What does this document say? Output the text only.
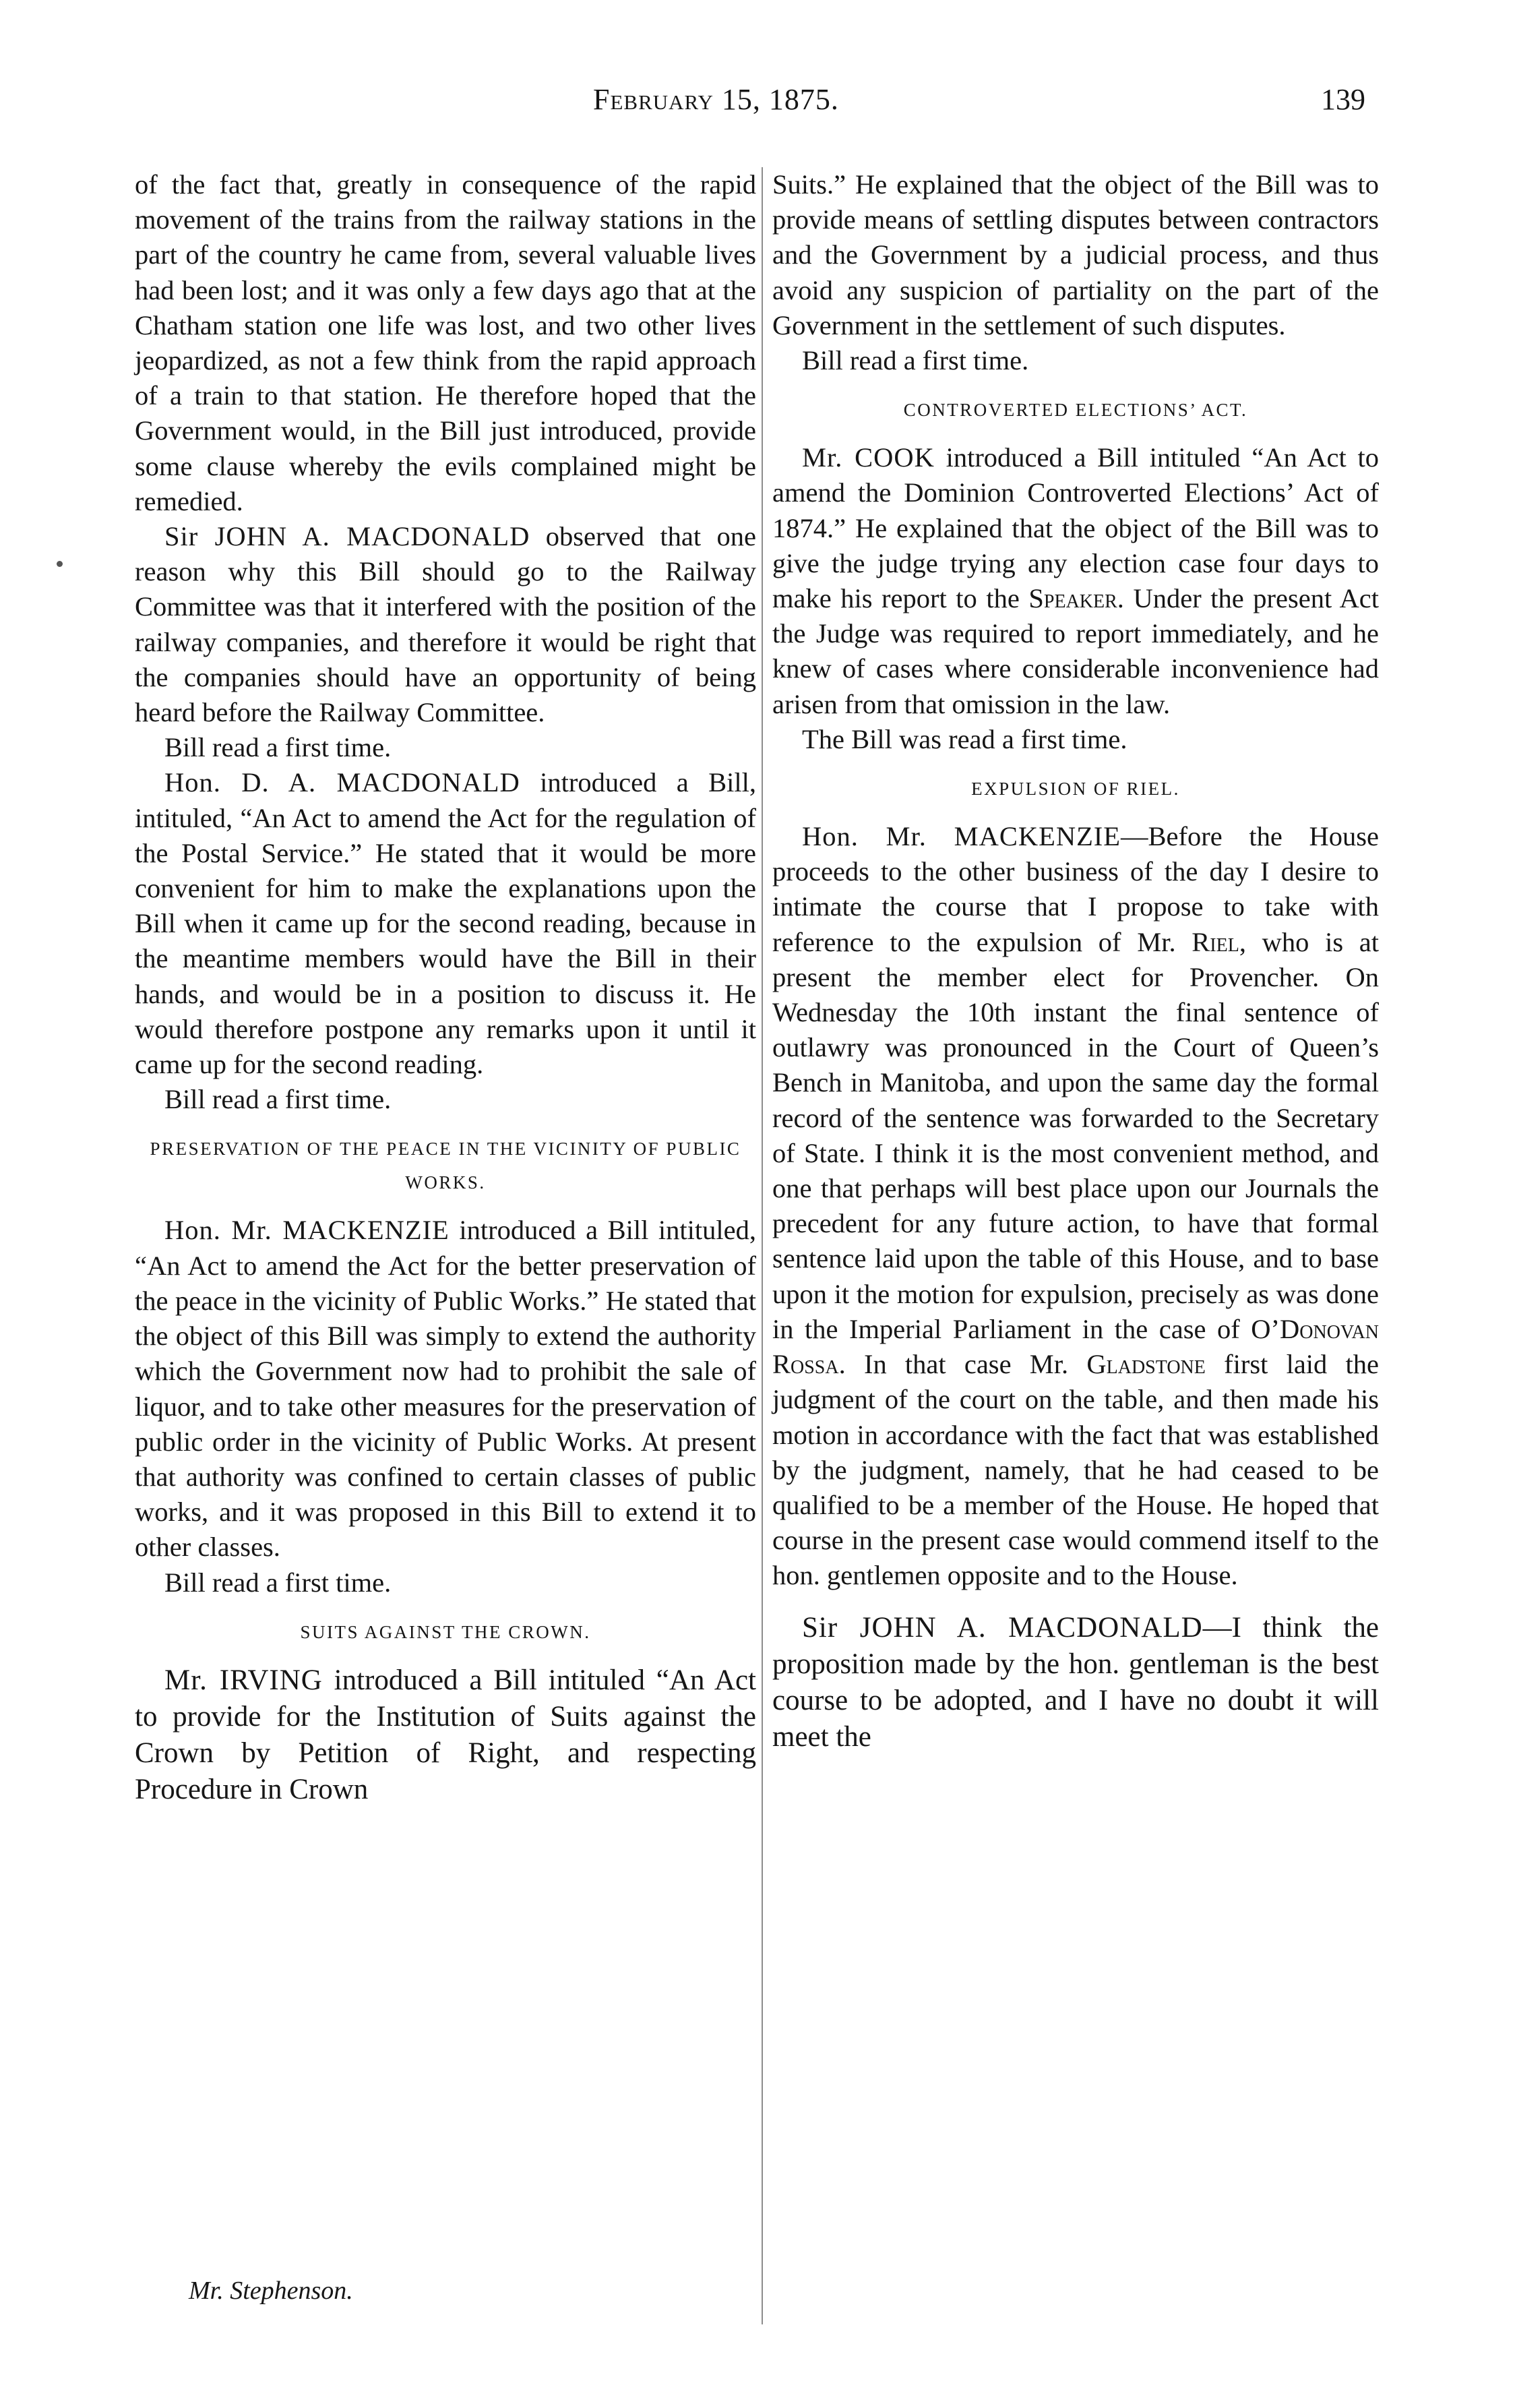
February 15, 1875.	139

of the fact that, greatly in consequence of the rapid movement of the trains from the railway stations in the part of the country he came from, several valuable lives had been lost; and it was only a few days ago that at the Chatham station one life was lost, and two other lives jeopardized, as not a few think from the rapid approach of a train to that station. He therefore hoped that the Government would, in the Bill just introduced, provide some clause whereby the evils complained might be remedied.

Sir JOHN A. MACDONALD observed that one reason why this Bill should go to the Railway Committee was that it interfered with the position of the railway companies, and therefore it would be right that the companies should have an opportunity of being heard before the Railway Committee.

Bill read a first time.

Hon. D. A. MACDONALD introduced a Bill, intituled, “An Act to amend the Act for the regulation of the Postal Service.” He stated that it would be more convenient for him to make the explanations upon the Bill when it came up for the second reading, because in the meantime members would have the Bill in their hands, and would be in a position to discuss it. He would therefore postpone any remarks upon it until it came up for the second reading.

Bill read a first time.

PRESERVATION OF THE PEACE IN THE VICINITY OF PUBLIC WORKS.

Hon. Mr. MACKENZIE introduced a Bill intituled, “An Act to amend the Act for the better preservation of the peace in the vicinity of Public Works.” He stated that the object of this Bill was simply to extend the authority which the Government now had to prohibit the sale of liquor, and to take other measures for the preservation of public order in the vicinity of Public Works. At present that authority was confined to certain classes of public works, and it was proposed in this Bill to extend it to other classes.

Bill read a first time.

SUITS AGAINST THE CROWN.

Mr. IRVING introduced a Bill intituled “An Act to provide for the Institution of Suits against the Crown by Petition of Right, and respecting Procedure in Crown

Suits.” He explained that the object of the Bill was to provide means of settling disputes between contractors and the Government by a judicial process, and thus avoid any suspicion of partiality on the part of the Government in the settlement of such disputes.

Bill read a first time.

CONTROVERTED ELECTIONS’ ACT.

Mr. COOK introduced a Bill intituled “An Act to amend the Dominion Controverted Elections’ Act of 1874.” He explained that the object of the Bill was to give the judge trying any election case four days to make his report to the Speaker. Under the present Act the Judge was required to report immediately, and he knew of cases where considerable inconvenience had arisen from that omission in the law.

The Bill was read a first time.

EXPULSION OF RIEL.

Hon. Mr. MACKENZIE—Before the House proceeds to the other business of the day I desire to intimate the course that I propose to take with reference to the expulsion of Mr. Riel, who is at present the member elect for Provencher. On Wednesday the 10th instant the final sentence of outlawry was pronounced in the Court of Queen’s Bench in Manitoba, and upon the same day the formal record of the sentence was forwarded to the Secretary of State. I think it is the most convenient method, and one that perhaps will best place upon our Journals the precedent for any future action, to have that formal sentence laid upon the table of this House, and to base upon it the motion for expulsion, precisely as was done in the Imperial Parliament in the case of O’Donovan Rossa. In that case Mr. Gladstone first laid the judgment of the court on the table, and then made his motion in accordance with the fact that was established by the judgment, namely, that he had ceased to be qualified to be a member of the House. He hoped that course in the present case would commend itself to the hon. gentlemen opposite and to the House.

Sir JOHN A. MACDONALD—I think the proposition made by the hon. gentleman is the best course to be adopted, and I have no doubt it will meet the

Mr. Stephenson.
